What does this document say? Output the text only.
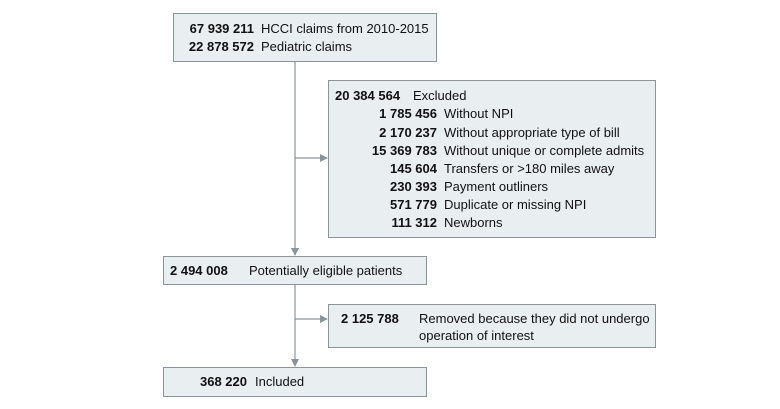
67 939 211 HCCI claims from 2010-2015
22 878 572 Pediatric claims
20 384 564 Excluded
1 785 456 Without NPI
2 170 237 Without appropriate type of bill
15 369 783 Without unique or complete admits
145 604 Transfers or >180 miles away
230 393 Payment outliners
571 779 Duplicate or missing NPI
111 312 Newborns
2 494 008	Potentially eligible patients
2 125 788	Removed because they did not undergo
operation of interest
368 220 Included
